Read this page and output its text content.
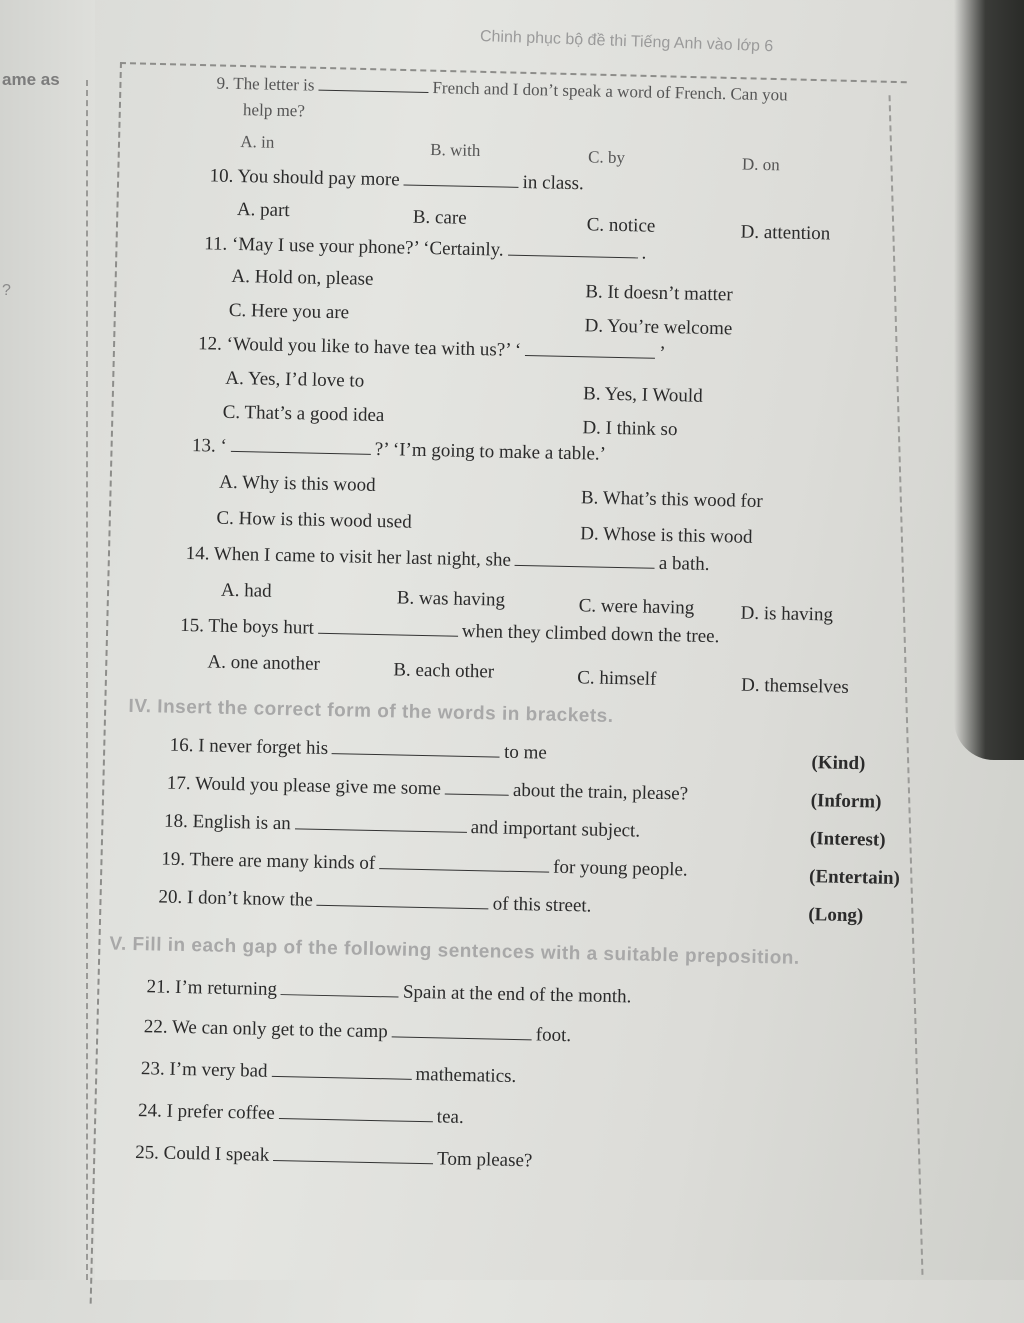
ame as
?
Chinh phục bộ đề thi Tiếng Anh vào lớp 6
9. The letter is	French and I don’t speak a word of French. Can you
help me?
A. in	B. with	C. by	D. on
10. You should pay more	in class.
A. part	B. care	C. notice	D. attention
11. ‘May I use your phone?’ ‘Certainly.	.
A. Hold on, please
B. It doesn’t matter
C. Here you are
D. You’re welcome
12. ‘Would you like to have tea with us?’ ‘	’
A. Yes, I’d love to
B. Yes, I Would
C. That’s a good idea
D. I think so
13. ‘	?’ ‘I’m going to make a table.’
A. Why is this wood
B. What’s this wood for
C. How is this wood used
D. Whose is this wood
14. When I came to visit her last night, she	a bath.
A. had	B. was having	C. were having D. is having
15. The boys hurt	when they climbed down the tree.
A. one another	B. each other	C. himself	D. themselves
IV. Insert the correct form of the words in brackets.
16. I never forget his	to me	(Kind)
17. Would you please give me some	about the train, please?	(Inform)
18. English is an	and important subject.	(Interest)
19. There are many kinds of	for young people.	(Entertain)
20. I don’t know the	of this street.	(Long)
V. Fill in each gap of the following sentences with a suitable preposition.
21. I’m returning	Spain at the end of the month.
22. We can only get to the camp	foot.
23. I’m very bad	mathematics.
24. I prefer coffee	tea.
25. Could I speak	Tom please?
